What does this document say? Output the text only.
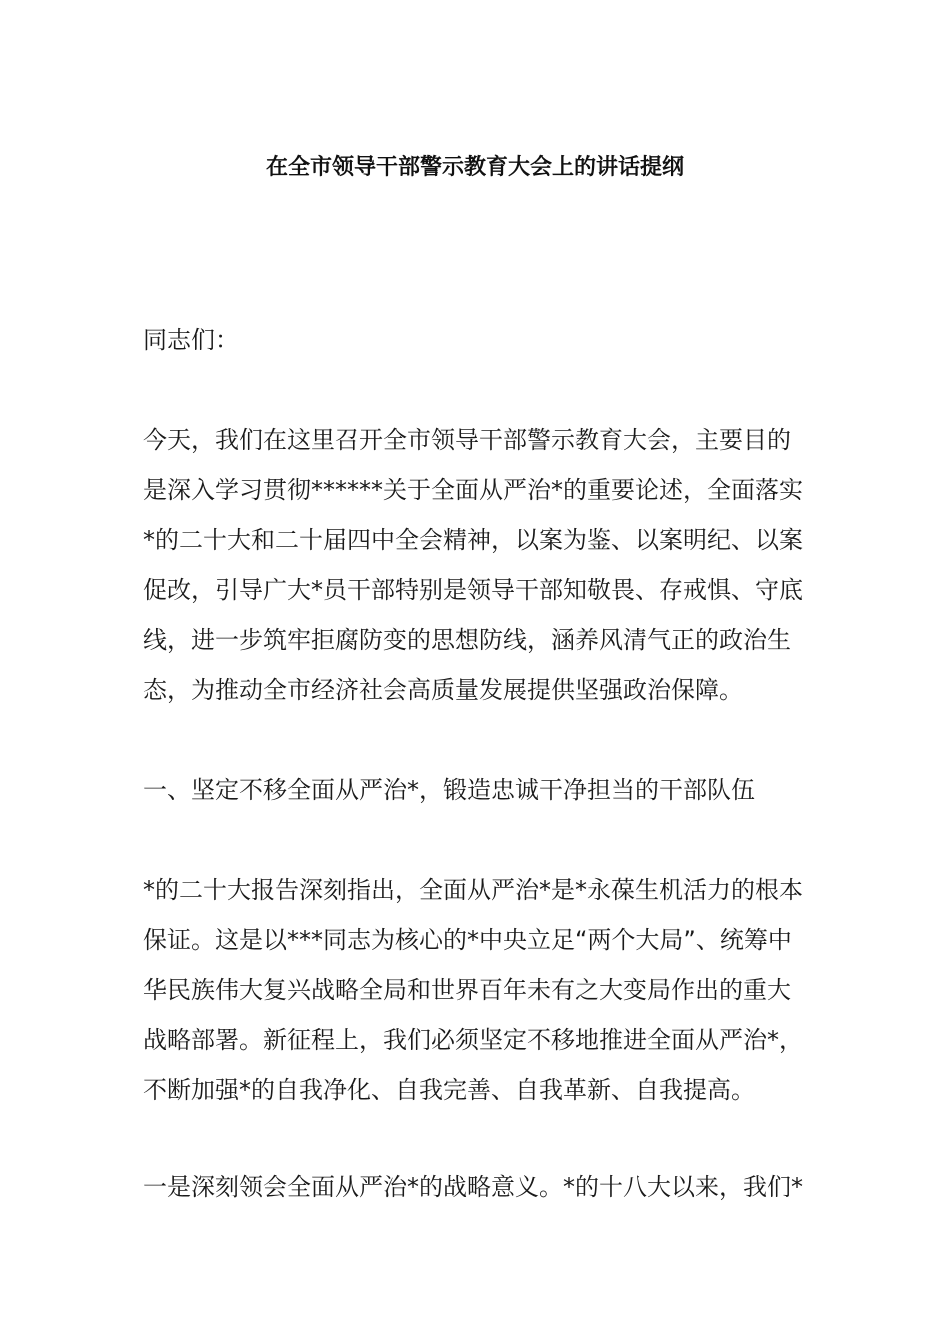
在全市领导干部警示教育大会上的讲话提纲

同志们：

今天，我们在这里召开全市领导干部警示教育大会，主要目的是深入学习贯彻******关于全面从严治*的重要论述，全面落实*的二十大和二十届四中全会精神，以案为鉴、以案明纪、以案促改，引导广大*员干部特别是领导干部知敬畏、存戒惧、守底线，进一步筑牢拒腐防变的思想防线，涵养风清气正的政治生态，为推动全市经济社会高质量发展提供坚强政治保障。

一、坚定不移全面从严治*，锻造忠诚干净担当的干部队伍

*的二十大报告深刻指出，全面从严治*是*永葆生机活力的根本保证。这是以***同志为核心的*中央立足“两个大局”、统筹中华民族伟大复兴战略全局和世界百年未有之大变局作出的重大战略部署。新征程上，我们必须坚定不移地推进全面从严治*，不断加强*的自我净化、自我完善、自我革新、自我提高。

一是深刻领会全面从严治*的战略意义。*的十八大以来，我们*
